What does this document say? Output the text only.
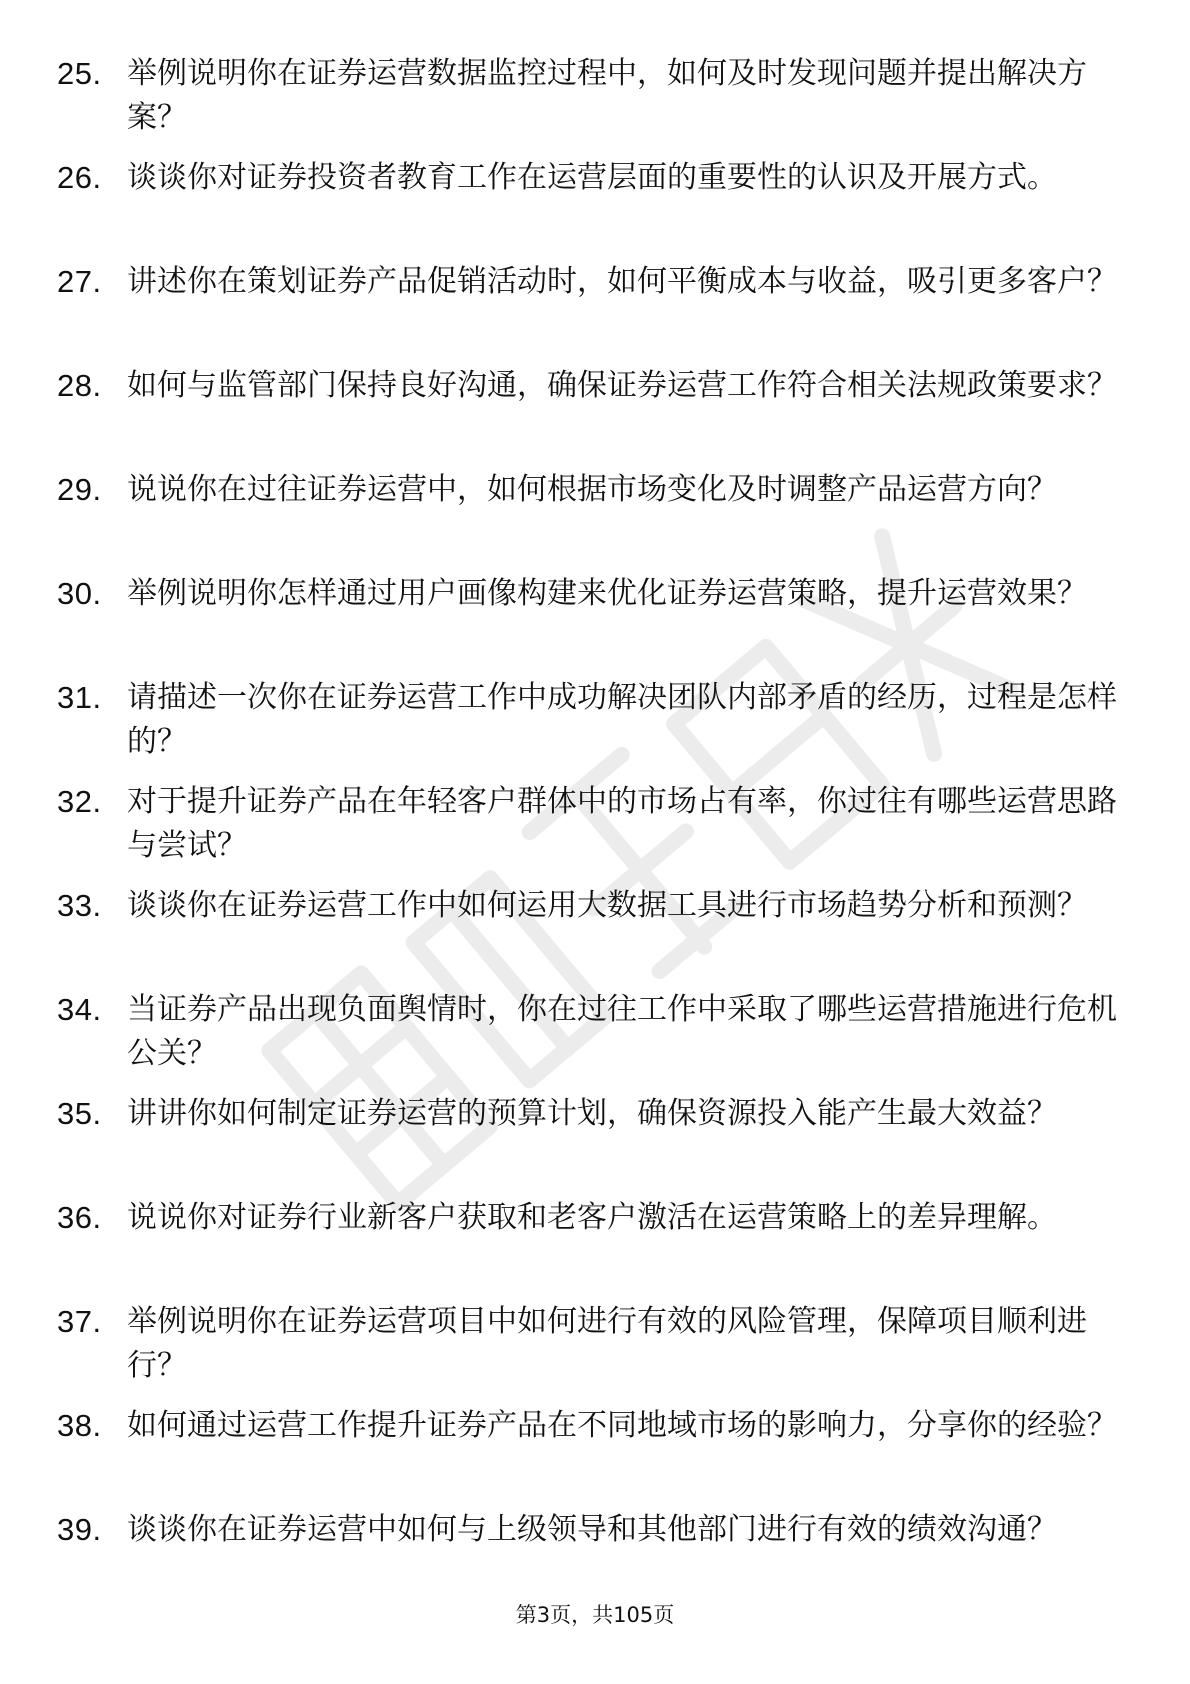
25. 举例说明你在证券运营数据监控过程中，如何及时发现问题并提出解决方案？
26. 谈谈你对证券投资者教育工作在运营层面的重要性的认识及开展方式。
27. 讲述你在策划证券产品促销活动时，如何平衡成本与收益，吸引更多客户？
28. 如何与监管部门保持良好沟通，确保证券运营工作符合相关法规政策要求？
29. 说说你在过往证券运营中，如何根据市场变化及时调整产品运营方向？
30. 举例说明你怎样通过用户画像构建来优化证券运营策略，提升运营效果？
31. 请描述一次你在证券运营工作中成功解决团队内部矛盾的经历，过程是怎样的？
32. 对于提升证券产品在年轻客户群体中的市场占有率，你过往有哪些运营思路与尝试？
33. 谈谈你在证券运营工作中如何运用大数据工具进行市场趋势分析和预测？
34. 当证券产品出现负面舆情时，你在过往工作中采取了哪些运营措施进行危机公关？
35. 讲讲你如何制定证券运营的预算计划，确保资源投入能产生最大效益？
36. 说说你对证券行业新客户获取和老客户激活在运营策略上的差异理解。
37. 举例说明你在证券运营项目中如何进行有效的风险管理，保障项目顺利进行？
38. 如何通过运营工作提升证券产品在不同地域市场的影响力，分享你的经验？
39. 谈谈你在证券运营中如何与上级领导和其他部门进行有效的绩效沟通？
第3页，共105页
